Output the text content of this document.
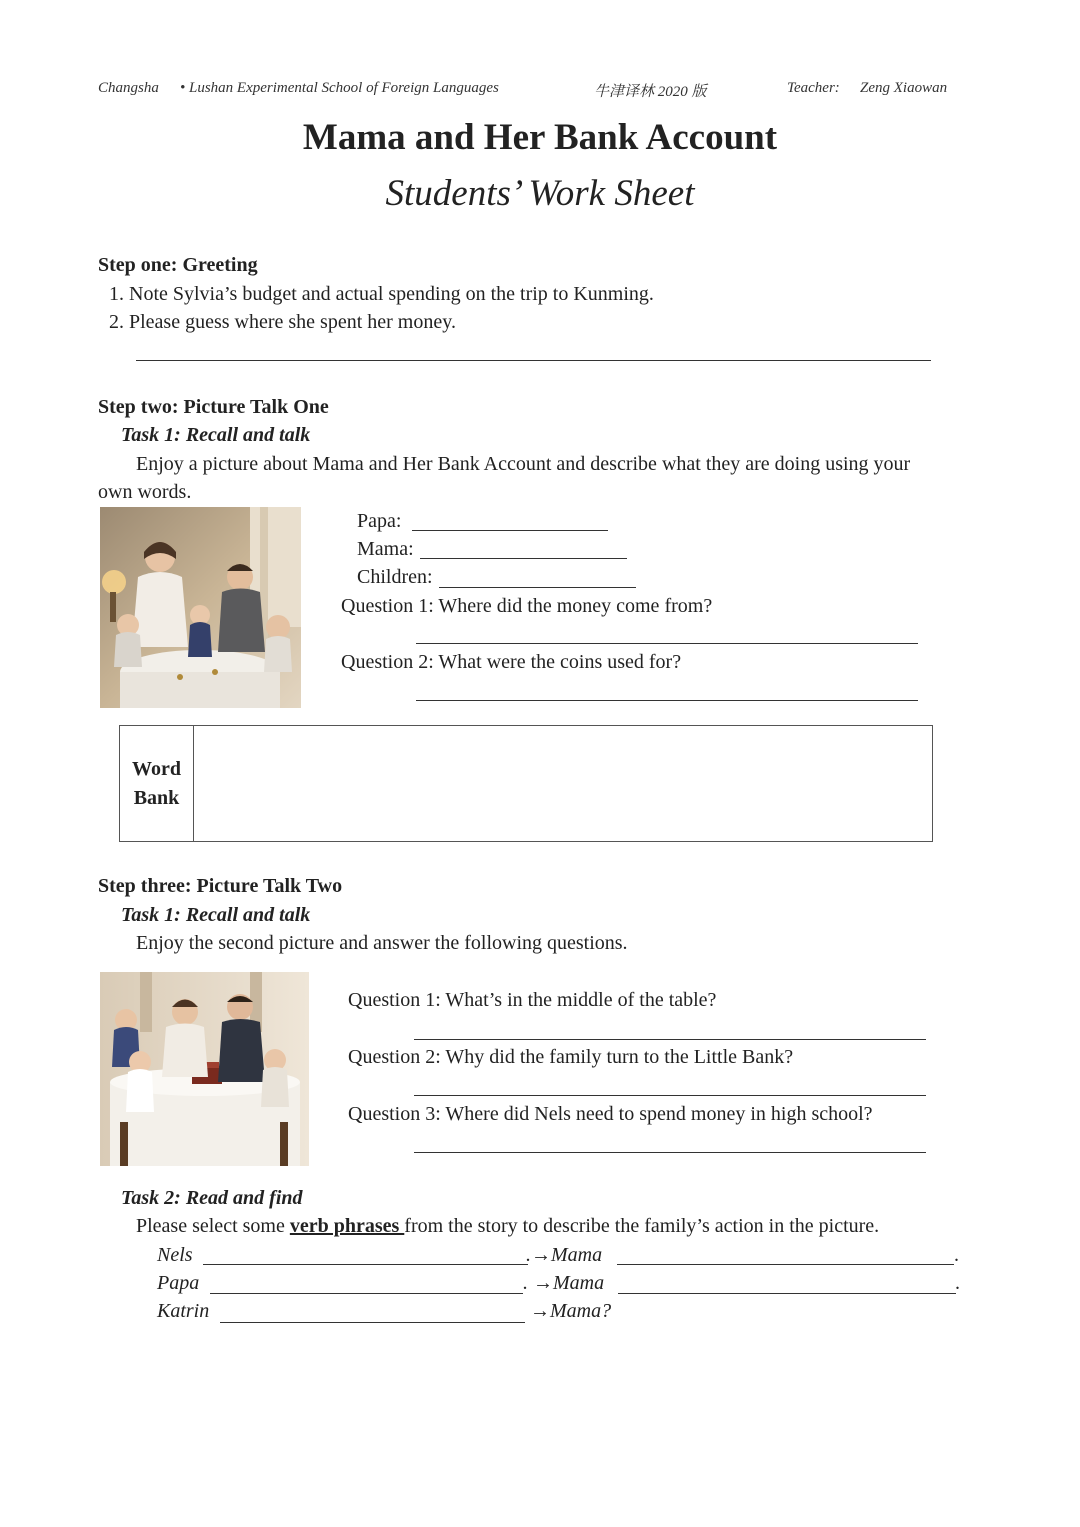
Changsha • Lushan Experimental School of Foreign Languages	牛津译林 2020 版	Teacher: Zeng Xiaowan
Mama and Her Bank Account
Students’ Work Sheet
Step one: Greeting
1. Note Sylvia’s budget and actual spending on the trip to Kunming.
2. Please guess where she spent her money.
Step two: Picture Talk One
Task 1: Recall and talk
Enjoy a picture about Mama and Her Bank Account and describe what they are doing using your
own words.
Papa:
Mama:
Children:
Question 1: Where did the money come from?
Question 2: What were the coins used for?
Word
Bank
Step three: Picture Talk Two
Task 1: Recall and talk
Enjoy the second picture and answer the following questions.
Question 1: What’s in the middle of the table?
Question 2: Why did the family turn to the Little Bank?
Question 3: Where did Nels need to spend money in high school?
Task 2: Read and find
Please select some verb phrases from the story to describe the family’s action in the picture.
Nels	.→Mama	.
Papa	. →Mama	.
Katrin	→Mama?
